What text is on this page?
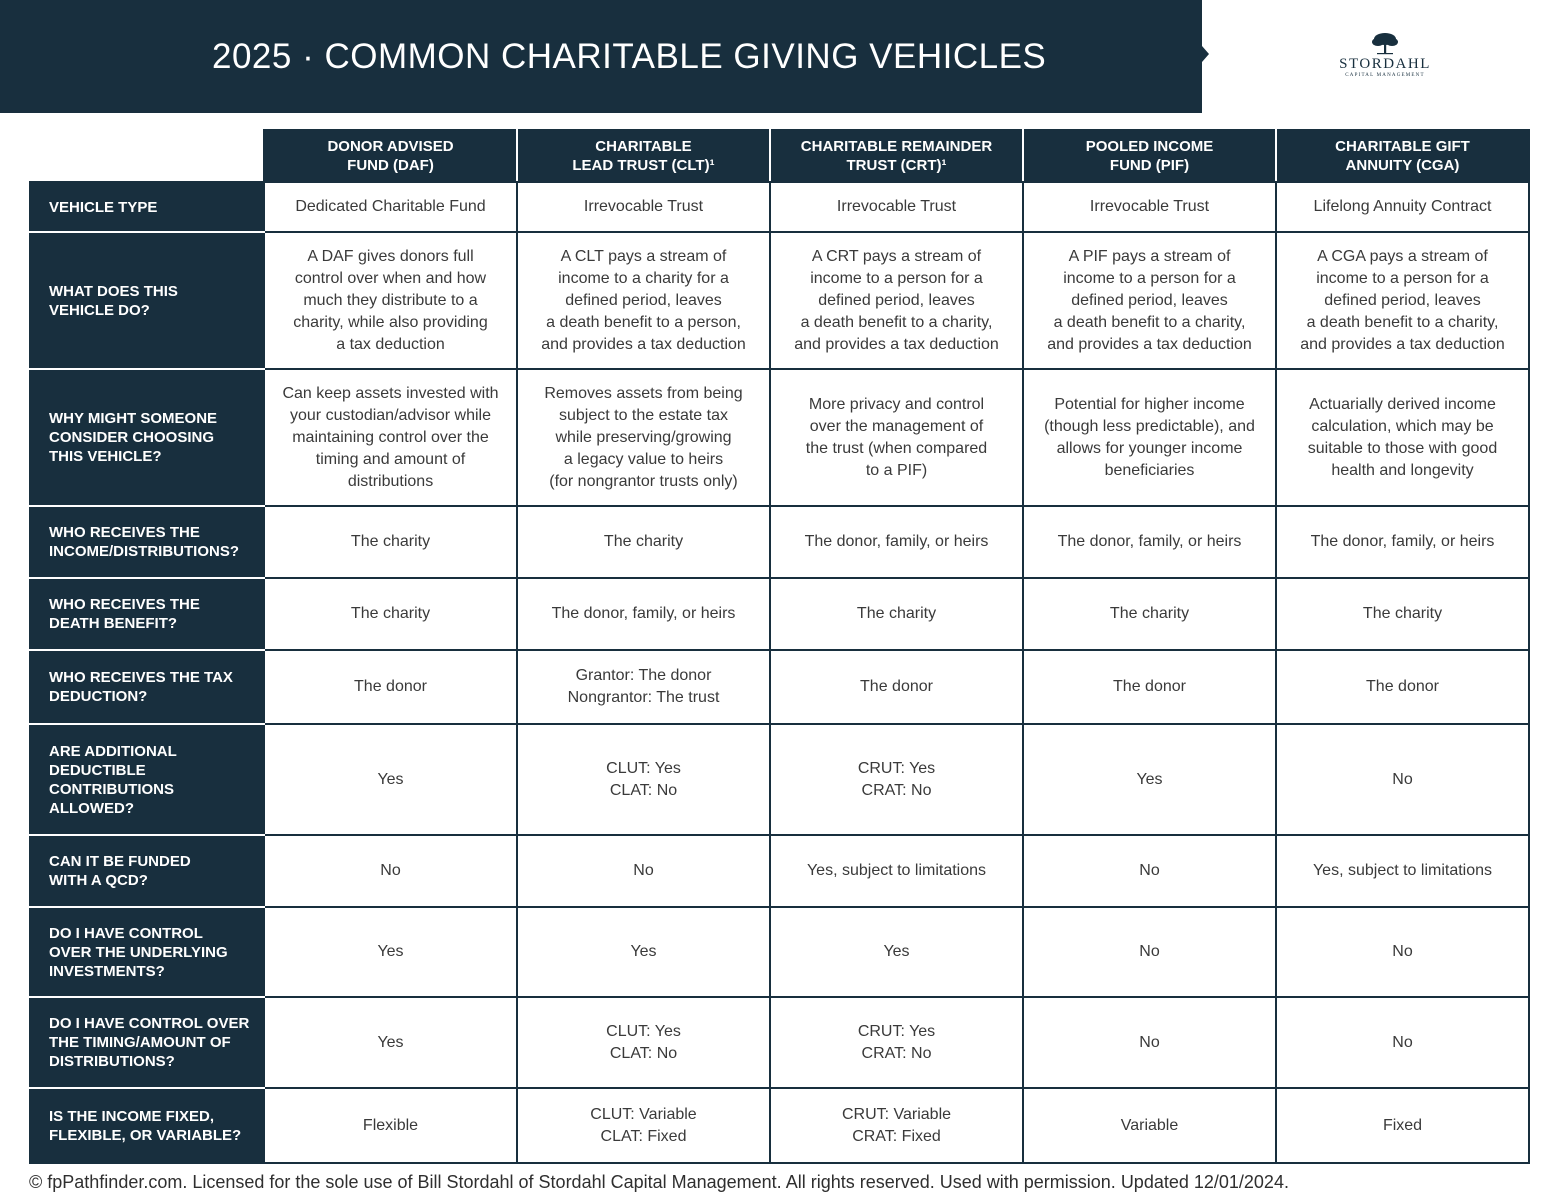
2025 · COMMON CHARITABLE GIVING VEHICLES	STORDAHL
CAPITAL MANAGEMENT
	DONOR ADVISED
FUND (DAF)	CHARITABLE
LEAD TRUST (CLT)¹	CHARITABLE REMAINDER
TRUST (CRT)¹	POOLED INCOME
FUND (PIF)	CHARITABLE GIFT
ANNUITY (CGA)
VEHICLE TYPE	Dedicated Charitable Fund	Irrevocable Trust	Irrevocable Trust	Irrevocable Trust	Lifelong Annuity Contract
WHAT DOES THIS
VEHICLE DO?	A DAF gives donors full
control over when and how
much they distribute to a
charity, while also providing
a tax deduction	A CLT pays a stream of
income to a charity for a
defined period, leaves
a death benefit to a person,
and provides a tax deduction	A CRT pays a stream of
income to a person for a
defined period, leaves
a death benefit to a charity,
and provides a tax deduction	A PIF pays a stream of
income to a person for a
defined period, leaves
a death benefit to a charity,
and provides a tax deduction	A CGA pays a stream of
income to a person for a
defined period, leaves
a death benefit to a charity,
and provides a tax deduction
WHY MIGHT SOMEONE
CONSIDER CHOOSING
THIS VEHICLE?	Can keep assets invested with
your custodian/advisor while
maintaining control over the
timing and amount of
distributions	Removes assets from being
subject to the estate tax
while preserving/growing
a legacy value to heirs
(for nongrantor trusts only)	More privacy and control
over the management of
the trust (when compared
to a PIF)	Potential for higher income
(though less predictable), and
allows for younger income
beneficiaries	Actuarially derived income
calculation, which may be
suitable to those with good
health and longevity
WHO RECEIVES THE
INCOME/DISTRIBUTIONS?	The charity	The charity	The donor, family, or heirs	The donor, family, or heirs	The donor, family, or heirs
WHO RECEIVES THE
DEATH BENEFIT?	The charity	The donor, family, or heirs	The charity	The charity	The charity
WHO RECEIVES THE TAX
DEDUCTION?	The donor	Grantor: The donor
Nongrantor: The trust	The donor	The donor	The donor
ARE ADDITIONAL
DEDUCTIBLE
CONTRIBUTIONS
ALLOWED?	Yes	CLUT: Yes
CLAT: No	CRUT: Yes
CRAT: No	Yes	No
CAN IT BE FUNDED
WITH A QCD?	No	No	Yes, subject to limitations	No	Yes, subject to limitations
DO I HAVE CONTROL
OVER THE UNDERLYING
INVESTMENTS?	Yes	Yes	Yes	No	No
DO I HAVE CONTROL OVER
THE TIMING/AMOUNT OF
DISTRIBUTIONS?	Yes	CLUT: Yes
CLAT: No	CRUT: Yes
CRAT: No	No	No
IS THE INCOME FIXED,
FLEXIBLE, OR VARIABLE?	Flexible	CLUT: Variable
CLAT: Fixed	CRUT: Variable
CRAT: Fixed	Variable	Fixed
© fpPathfinder.com. Licensed for the sole use of Bill Stordahl of Stordahl Capital Management. All rights reserved. Used with permission. Updated 12/01/2024.
